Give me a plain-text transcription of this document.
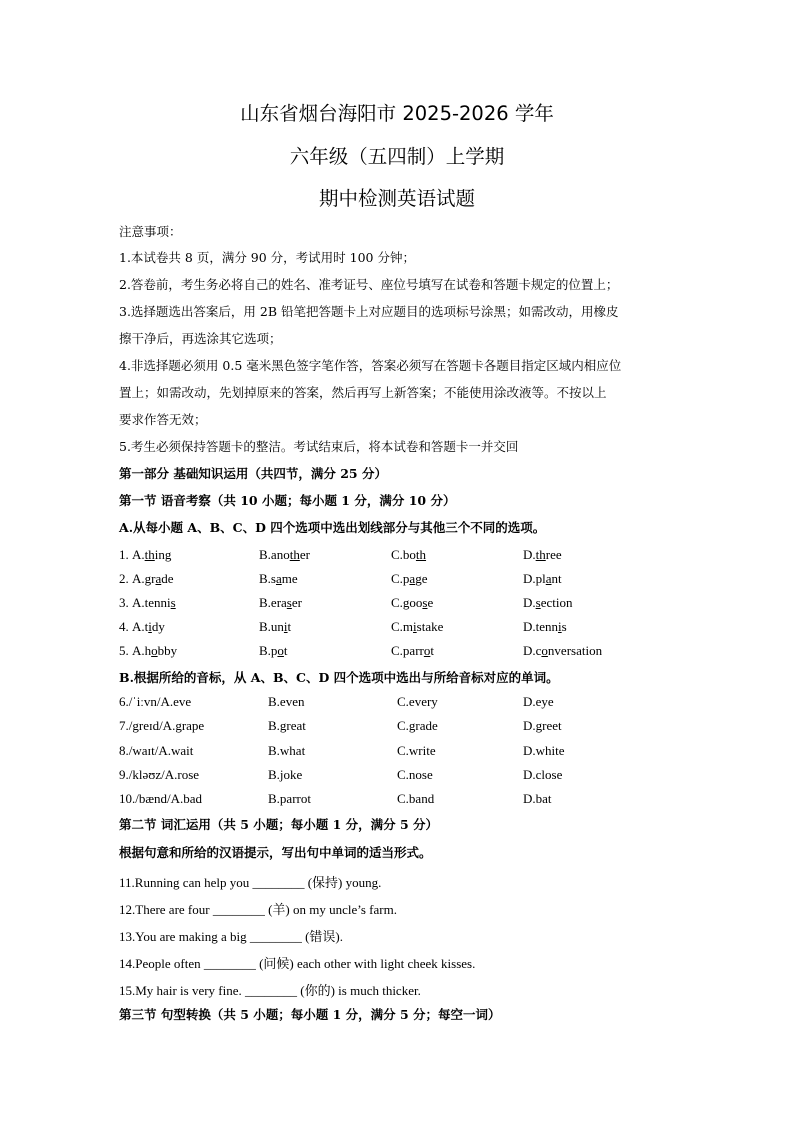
山东省烟台海阳市 2025-2026 学年
六年级（五四制）上学期
期中检测英语试题
注意事项：
1.本试卷共 8 页，满分 90 分，考试用时 100 分钟；
2.答卷前，考生务必将自己的姓名、准考证号、座位号填写在试卷和答题卡规定的位置上；
3.选择题选出答案后，用 2B 铅笔把答题卡上对应题目的选项标号涂黑；如需改动，用橡皮
擦干净后，再选涂其它选项；
4.非选择题必须用 0.5 毫米黑色签字笔作答，答案必须写在答题卡各题目指定区域内相应位
置上；如需改动，先划掉原来的答案，然后再写上新答案；不能使用涂改液等。不按以上
要求作答无效；
5.考生必须保持答题卡的整洁。考试结束后，将本试卷和答题卡一并交回
第一部分 基础知识运用（共四节，满分 25 分）
第一节 语音考察（共 10 小题；每小题 1 分，满分 10 分）
A.从每小题 A、B、C、D 四个选项中选出划线部分与其他三个不同的选项。
1. A.thing	B.another	C.both	D.three
2. A.grade	B.same	C.page	D.plant
3. A.tennis	B.eraser	C.goose	D.section
4. A.tidy	B.unit	C.mistake	D.tennis
5. A.hobby	B.pot	C.parrot	D.conversation
B.根据所给的音标，从 A、B、C、D 四个选项中选出与所给音标对应的单词。
6./ˈiːvn/A.eve	B.even	C.every	D.eye
7./greɪd/A.grape	B.great	C.grade	D.greet
8./waɪt/A.wait	B.what	C.write	D.white
9./kləʊz/A.rose	B.joke	C.nose	D.close
10./bænd/A.bad	B.parrot	C.band	D.bat
第二节 词汇运用（共 5 小题；每小题 1 分，满分 5 分）
根据句意和所给的汉语提示，写出句中单词的适当形式。
11.Running can help you ________ (保持) young.
12.There are four ________ (羊) on my uncle’s farm.
13.You are making a big ________ (错误).
14.People often ________ (问候) each other with light cheek kisses.
15.My hair is very fine. ________ (你的) is much thicker.
第三节 句型转换（共 5 小题；每小题 1 分，满分 5 分；每空一词）
